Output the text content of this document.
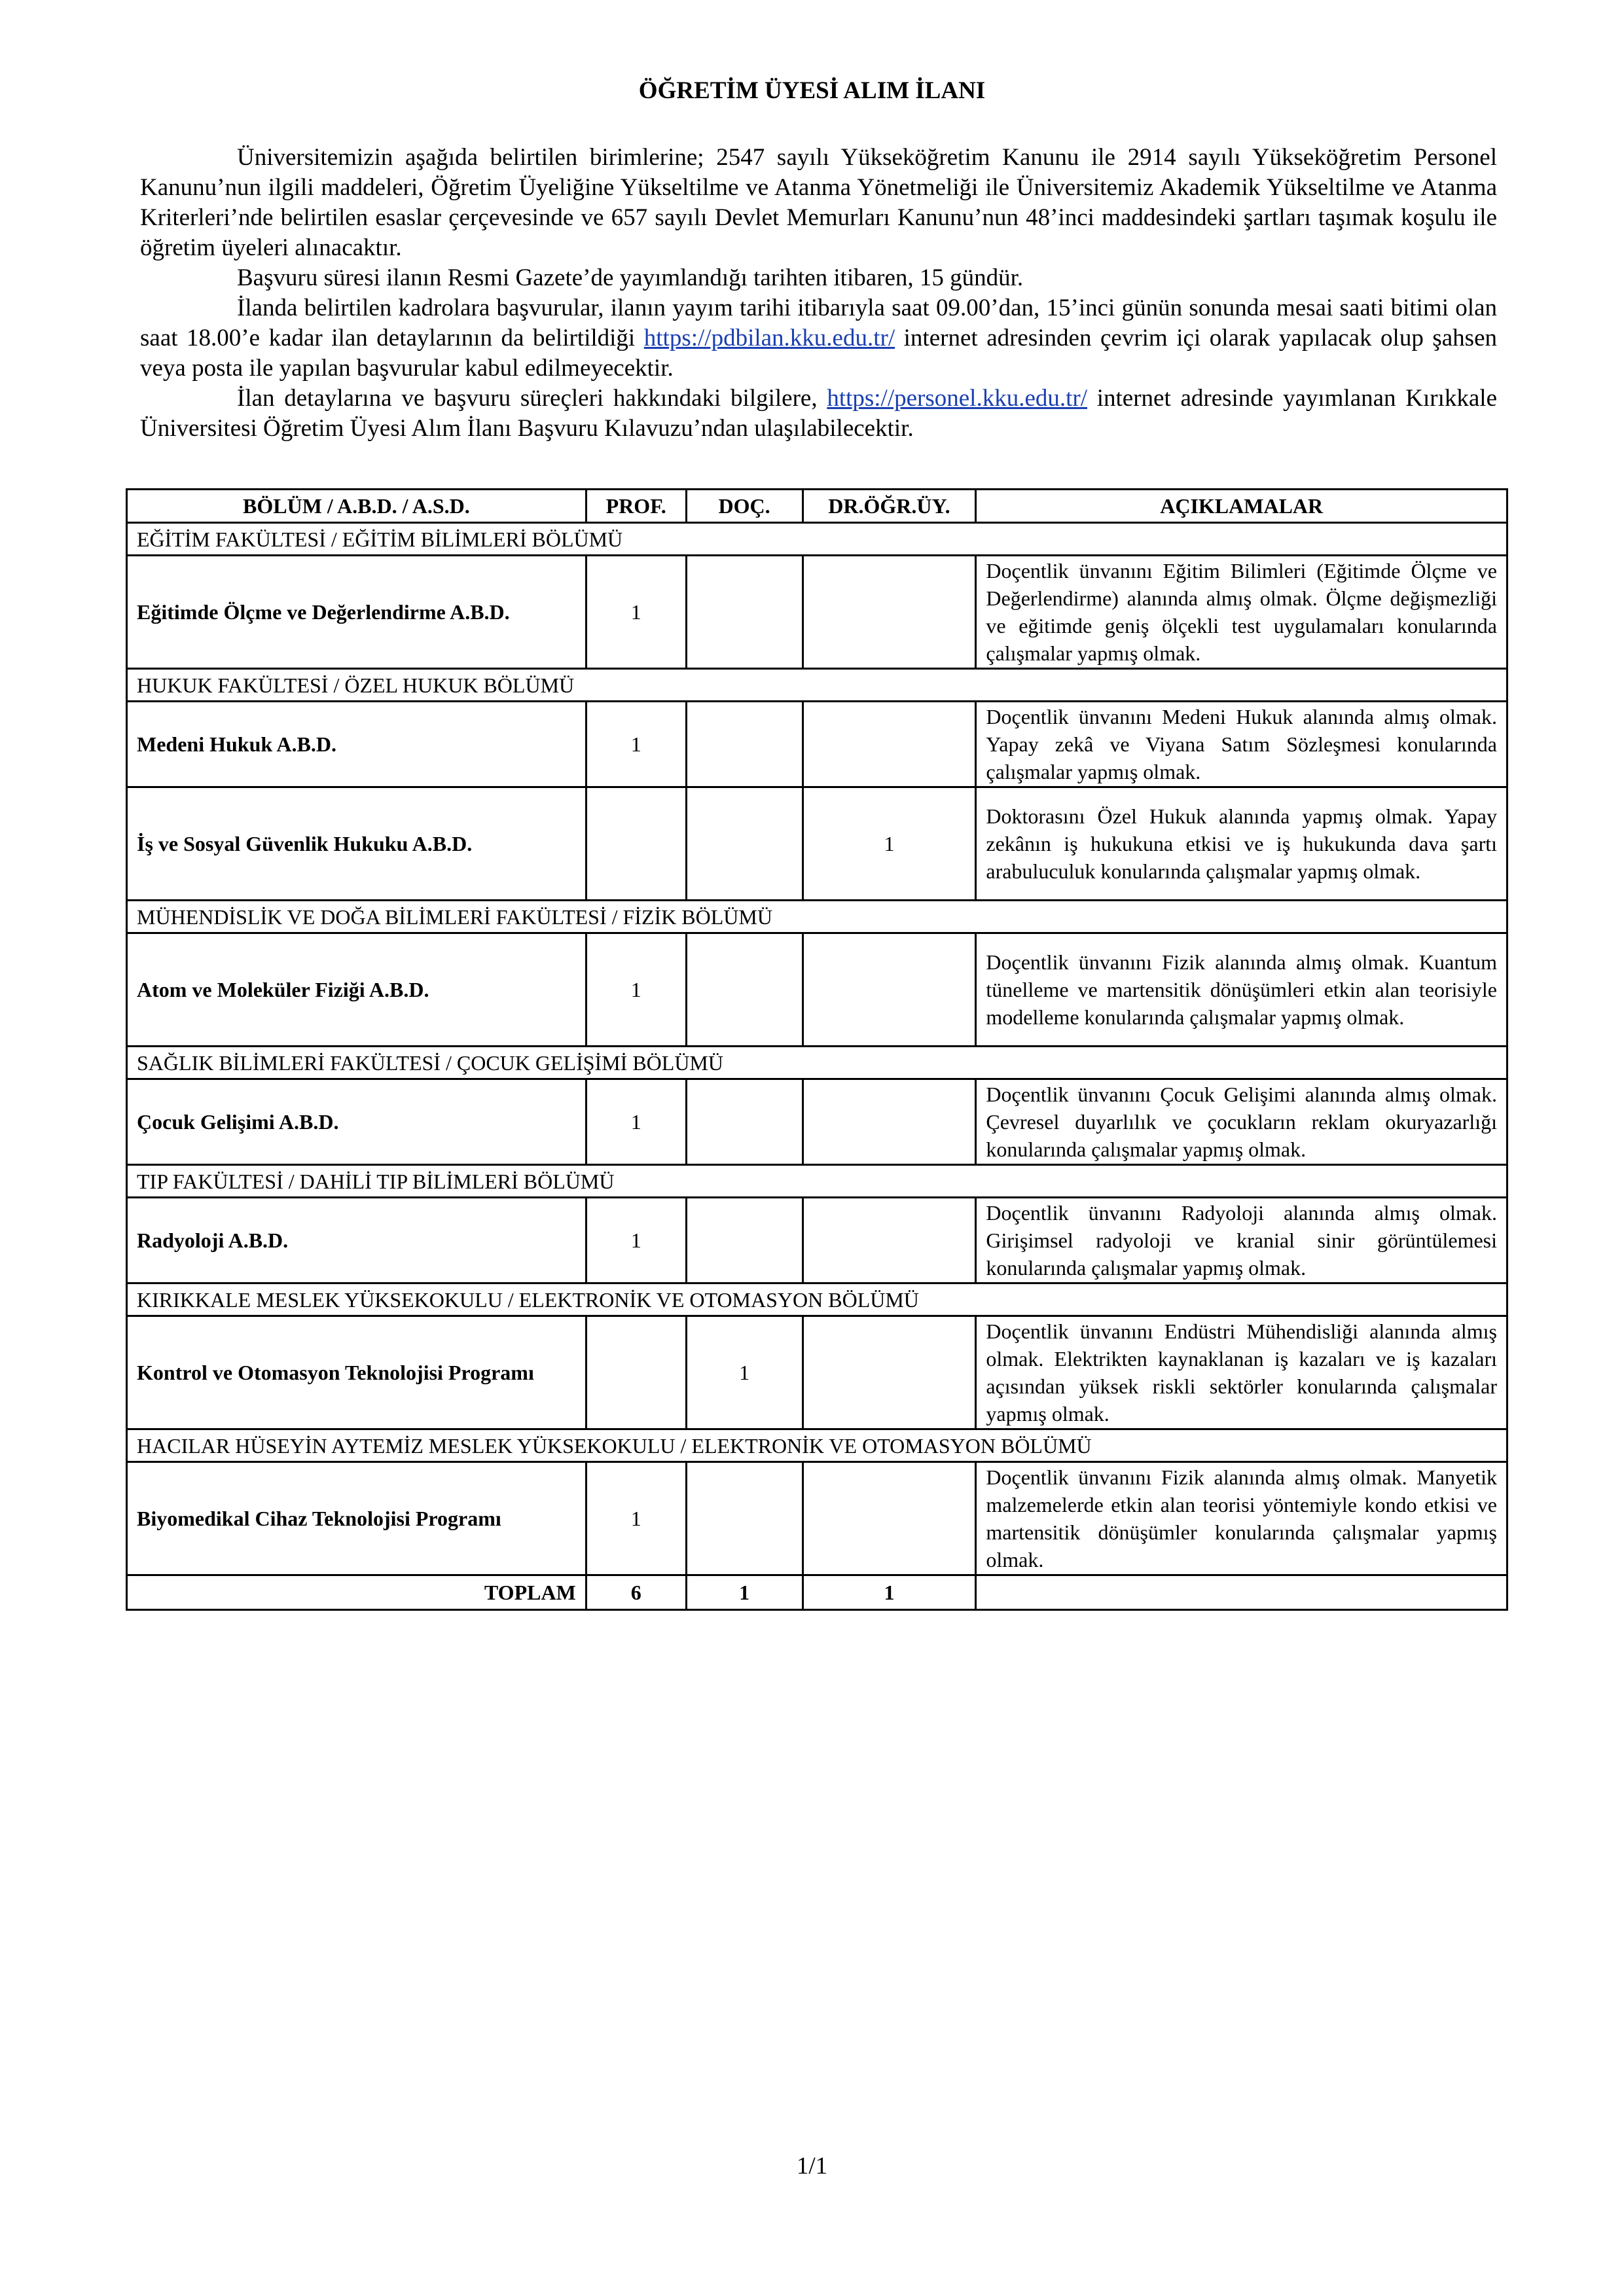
ÖĞRETİM ÜYESİ ALIM İLANI

Üniversitemizin aşağıda belirtilen birimlerine; 2547 sayılı Yükseköğretim Kanunu ile 2914 sayılı Yükseköğretim Personel Kanunu’nun ilgili maddeleri, Öğretim Üyeliğine Yükseltilme ve Atanma Yönetmeliği ile Üniversitemiz Akademik Yükseltilme ve Atanma Kriterleri’nde belirtilen esaslar çerçevesinde ve 657 sayılı Devlet Memurları Kanunu’nun 48’inci maddesindeki şartları taşımak koşulu ile öğretim üyeleri alınacaktır.

Başvuru süresi ilanın Resmi Gazete’de yayımlandığı tarihten itibaren, 15 gündür.

İlanda belirtilen kadrolara başvurular, ilanın yayım tarihi itibarıyla saat 09.00’dan, 15’inci günün sonunda mesai saati bitimi olan saat 18.00’e kadar ilan detaylarının da belirtildiği https://pdbilan.kku.edu.tr/ internet adresinden çevrim içi olarak yapılacak olup şahsen veya posta ile yapılan başvurular kabul edilmeyecektir.

İlan detaylarına ve başvuru süreçleri hakkındaki bilgilere, https://personel.kku.edu.tr/ internet adresinde yayımlanan Kırıkkale Üniversitesi Öğretim Üyesi Alım İlanı Başvuru Kılavuzu’ndan ulaşılabilecektir.

BÖLÜM / A.B.D. / A.S.D.	PROF.	DOÇ.	DR.ÖĞR.ÜY.	AÇIKLAMALAR
EĞİTİM FAKÜLTESİ / EĞİTİM BİLİMLERİ BÖLÜMÜ				
Eğitimde Ölçme ve Değerlendirme A.B.D.	1			Doçentlik ünvanını Eğitim Bilimleri (Eğitimde Ölçme ve Değerlendirme) alanında almış olmak. Ölçme değişmezliği ve eğitimde geniş ölçekli test uygulamaları konularında çalışmalar yapmış olmak.
HUKUK FAKÜLTESİ / ÖZEL HUKUK BÖLÜMÜ				
Medeni Hukuk A.B.D.	1			Doçentlik ünvanını Medeni Hukuk alanında almış olmak. Yapay zekâ ve Viyana Satım Sözleşmesi konularında çalışmalar yapmış olmak.
İş ve Sosyal Güvenlik Hukuku A.B.D.			1	Doktorasını Özel Hukuk alanında yapmış olmak. Yapay zekânın iş hukukuna etkisi ve iş hukukunda dava şartı arabuluculuk konularında çalışmalar yapmış olmak.
MÜHENDİSLİK VE DOĞA BİLİMLERİ FAKÜLTESİ / FİZİK BÖLÜMÜ				
Atom ve Moleküler Fiziği A.B.D.	1			Doçentlik ünvanını Fizik alanında almış olmak. Kuantum tünelleme ve martensitik dönüşümleri etkin alan teorisiyle modelleme konularında çalışmalar yapmış olmak.
SAĞLIK BİLİMLERİ FAKÜLTESİ / ÇOCUK GELİŞİMİ BÖLÜMÜ				
Çocuk Gelişimi A.B.D.	1			Doçentlik ünvanını Çocuk Gelişimi alanında almış olmak. Çevresel duyarlılık ve çocukların reklam okuryazarlığı konularında çalışmalar yapmış olmak.
TIP FAKÜLTESİ / DAHİLİ TIP BİLİMLERİ BÖLÜMÜ				
Radyoloji A.B.D.	1			Doçentlik ünvanını Radyoloji alanında almış olmak. Girişimsel radyoloji ve kranial sinir görüntülemesi konularında çalışmalar yapmış olmak.
KIRIKKALE MESLEK YÜKSEKOKULU / ELEKTRONİK VE OTOMASYON BÖLÜMÜ				
Kontrol ve Otomasyon Teknolojisi Programı		1		Doçentlik ünvanını Endüstri Mühendisliği alanında almış olmak. Elektrikten kaynaklanan iş kazaları ve iş kazaları açısından yüksek riskli sektörler konularında çalışmalar yapmış olmak.
HACILAR HÜSEYİN AYTEMİZ MESLEK YÜKSEKOKULU / ELEKTRONİK VE OTOMASYON BÖLÜMÜ				
Biyomedikal Cihaz Teknolojisi Programı	1			Doçentlik ünvanını Fizik alanında almış olmak. Manyetik malzemelerde etkin alan teorisi yöntemiyle kondo etkisi ve martensitik dönüşümler konularında çalışmalar yapmış olmak.
TOPLAM	6	1	1	
1/1
